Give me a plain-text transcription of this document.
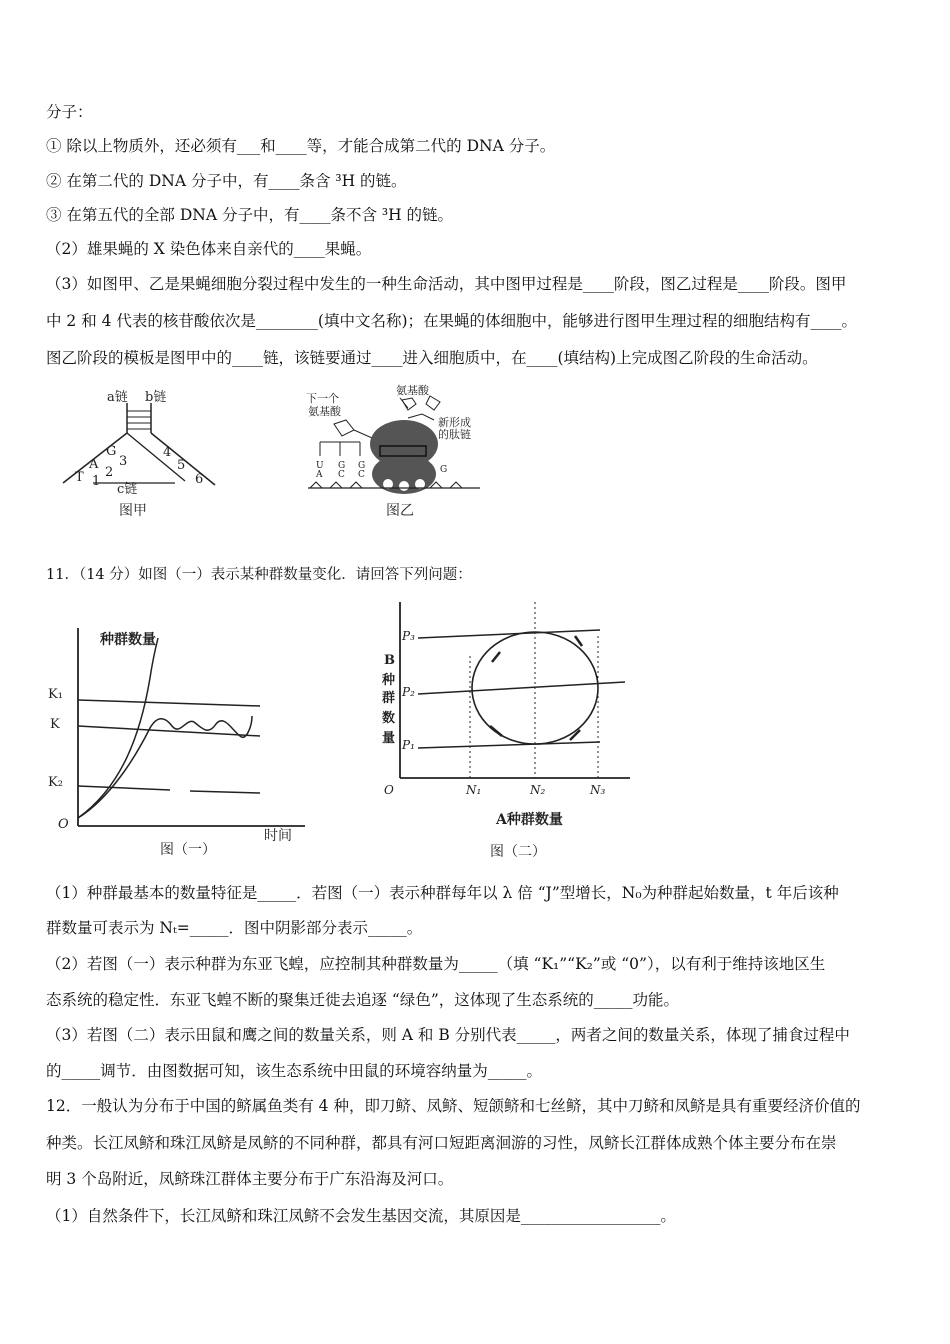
分子：
① 除以上物质外，还必须有___和____等，才能合成第二代的 DNA 分子。
② 在第二代的 DNA 分子中，有____条含 ³H 的链。
③ 在第五代的全部 DNA 分子中，有____条不含 ³H 的链。
（2）雄果蝇的 X 染色体来自亲代的____果蝇。
（3）如图甲、乙是果蝇细胞分裂过程中发生的一种生命活动，其中图甲过程是____阶段，图乙过程是____阶段。图甲
中 2 和 4 代表的核苷酸依次是________(填中文名称)；在果蝇的体细胞中，能够进行图甲生理过程的细胞结构有____。
图乙阶段的模板是图甲中的____链，该链要通过____进入细胞质中，在____(填结构)上完成图乙阶段的生命活动。
a链 b链
G
A
T 1
2
3
4
5
6
c链
图甲
下一个
氨基酸
氨基酸
新形成
的肽链
U
A
G
C
G
C	G
图乙
11．（14 分）如图（一）表示某种群数量变化．请回答下列问题：
种群数量
K₁
K
K₂
O
时间
图（一）
B
种
群
数
量
P₃
P₂
P₁
O	N₁	N₂	N₃
A种群数量
图（二）
（1）种群最基本的数量特征是_____．若图（一）表示种群每年以 λ 倍 “J”型增长，N₀为种群起始数量，t 年后该种
群数量可表示为 Nₜ=_____．图中阴影部分表示_____。
（2）若图（一）表示种群为东亚飞蝗，应控制其种群数量为_____（填 “K₁”“K₂”或 “0”），以有利于维持该地区生
态系统的稳定性．东亚飞蝗不断的聚集迁徙去追逐 “绿色”，这体现了生态系统的_____功能。
（3）若图（二）表示田鼠和鹰之间的数量关系，则 A 和 B 分别代表_____，两者之间的数量关系，体现了捕食过程中
的_____调节．由图数据可知，该生态系统中田鼠的环境容纳量为_____。
12．一般认为分布于中国的鲚属鱼类有 4 种，即刀鲚、凤鲚、短颌鲚和七丝鲚，其中刀鲚和凤鲚是具有重要经济价值的
种类。长江凤鲚和珠江凤鲚是凤鲚的不同种群，都具有河口短距离洄游的习性，凤鲚长江群体成熟个体主要分布在崇
明 3 个岛附近，凤鲚珠江群体主要分布于广东沿海及河口。
（1）自然条件下，长江凤鲚和珠江凤鲚不会发生基因交流，其原因是__________________。
